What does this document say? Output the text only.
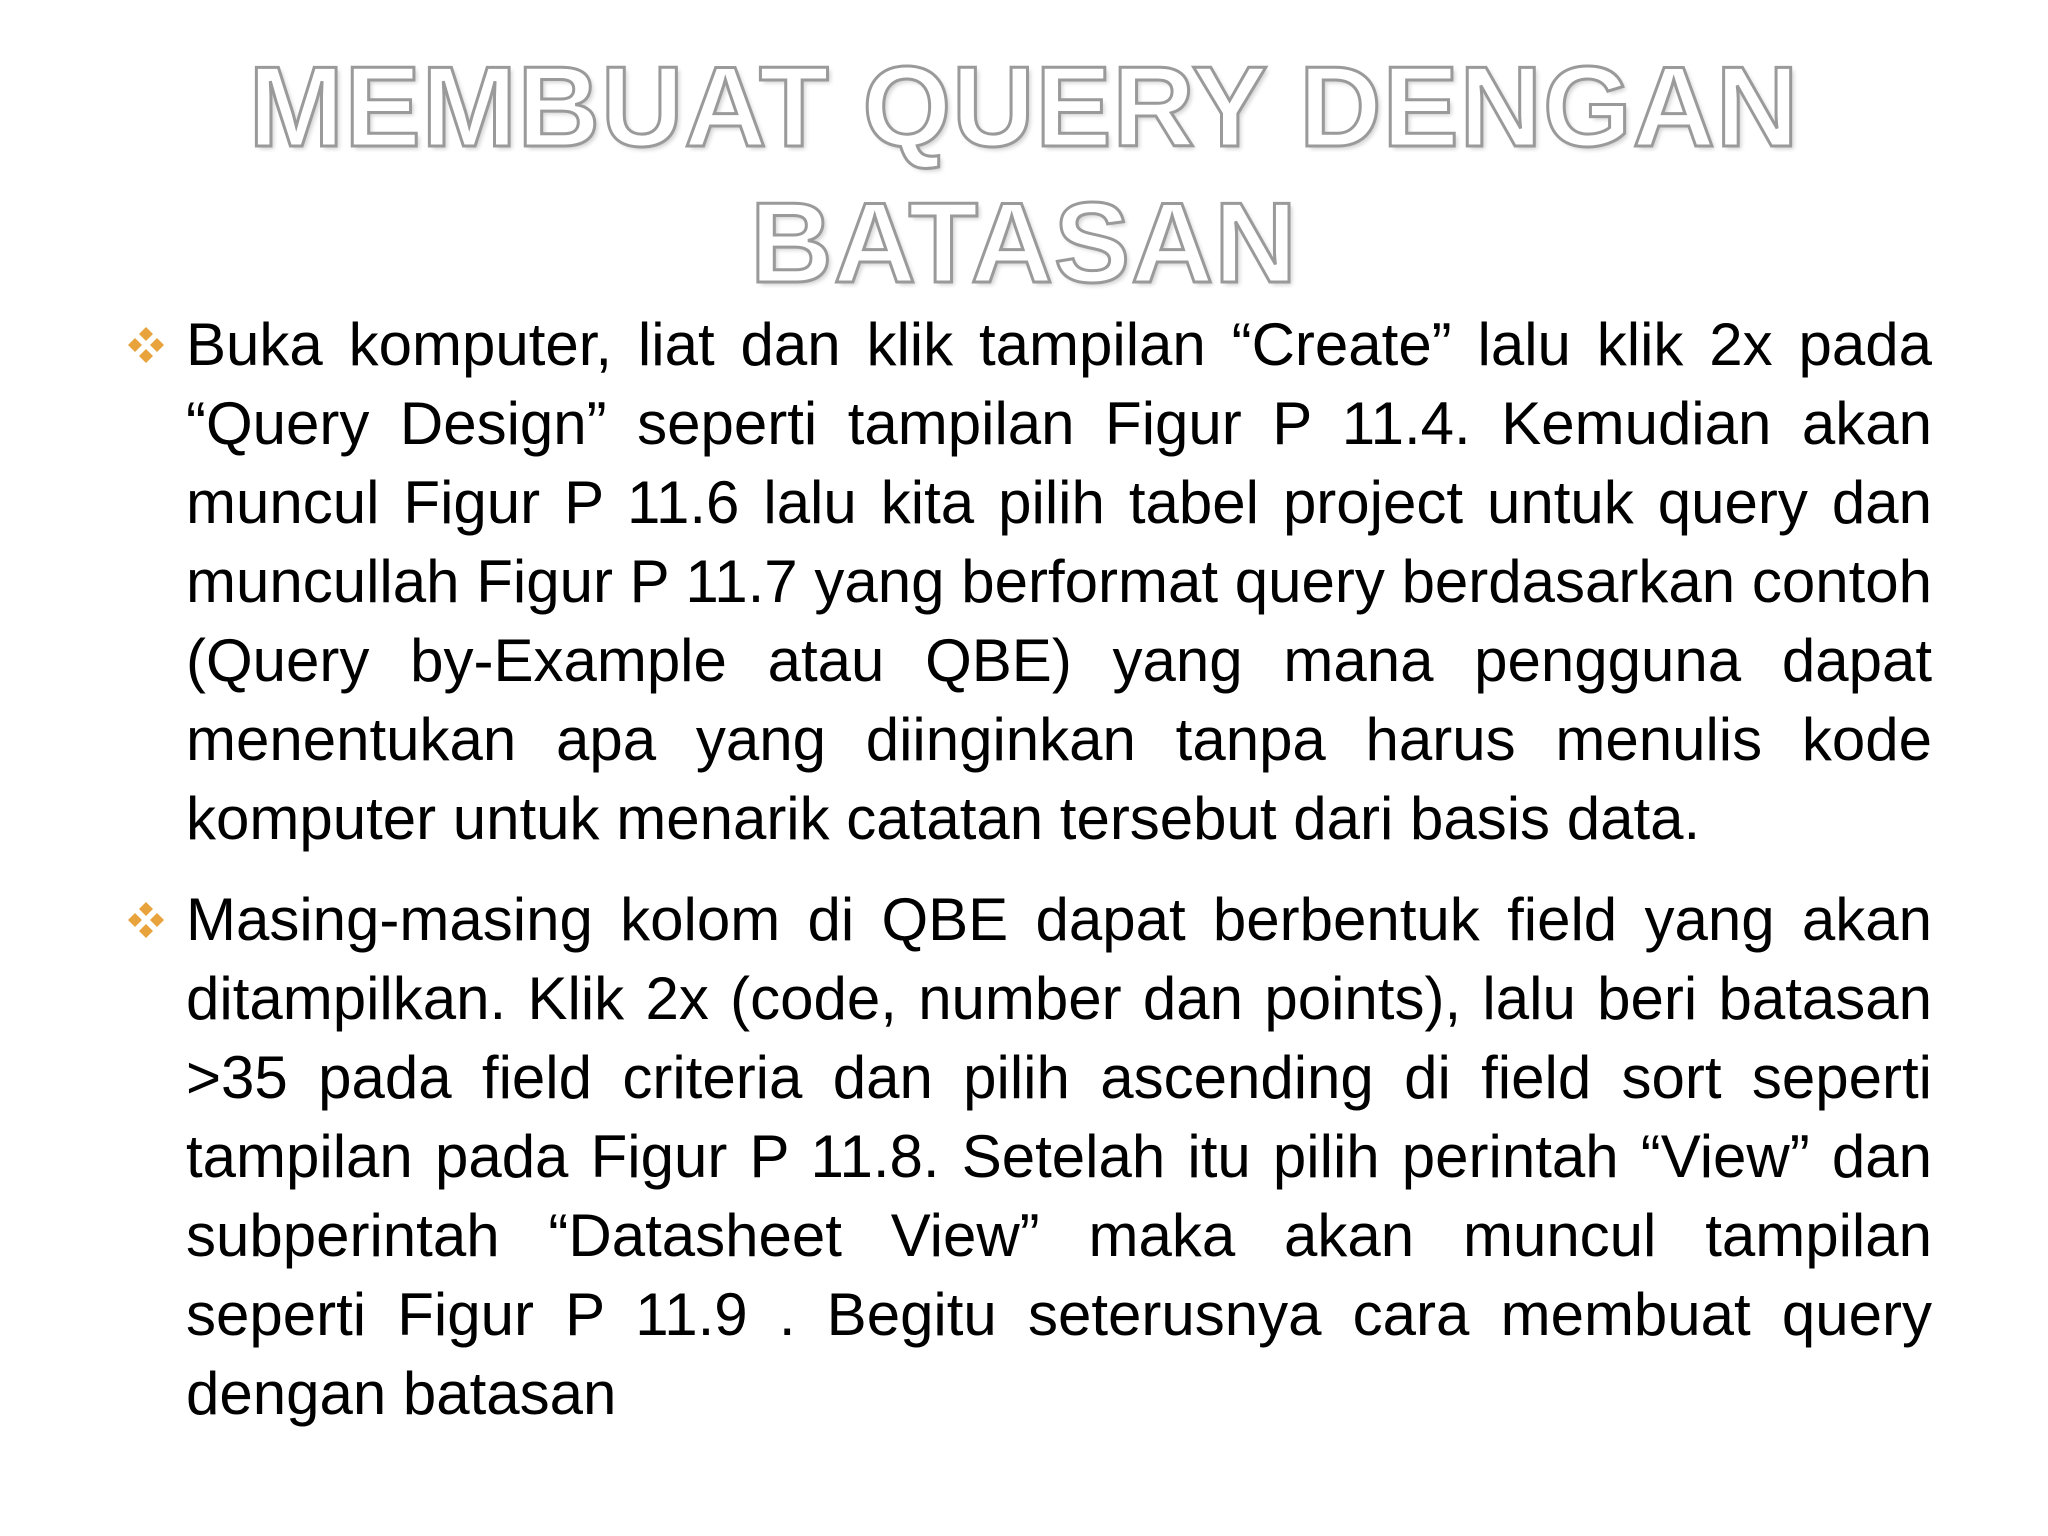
MEMBUAT QUERY DENGAN BATASAN

Buka komputer, liat dan klik tampilan “Create” lalu klik 2x pada “Query Design” seperti tampilan Figur P 11.4. Kemudian akan muncul Figur P 11.6 lalu kita pilih tabel project untuk query dan muncullah Figur P 11.7 yang berformat query berdasarkan contoh (Query by-Example atau QBE) yang mana pengguna dapat menentukan apa yang diinginkan tanpa harus menulis kode komputer untuk menarik catatan tersebut dari basis data.

Masing-masing kolom di QBE dapat berbentuk field yang akan ditampilkan. Klik 2x (code, number dan points), lalu beri batasan >35 pada field criteria dan pilih ascending di field sort seperti tampilan pada Figur P 11.8. Setelah itu pilih perintah “View” dan subperintah “Datasheet View” maka akan muncul tampilan seperti Figur P 11.9 . Begitu seterusnya cara membuat query dengan batasan
